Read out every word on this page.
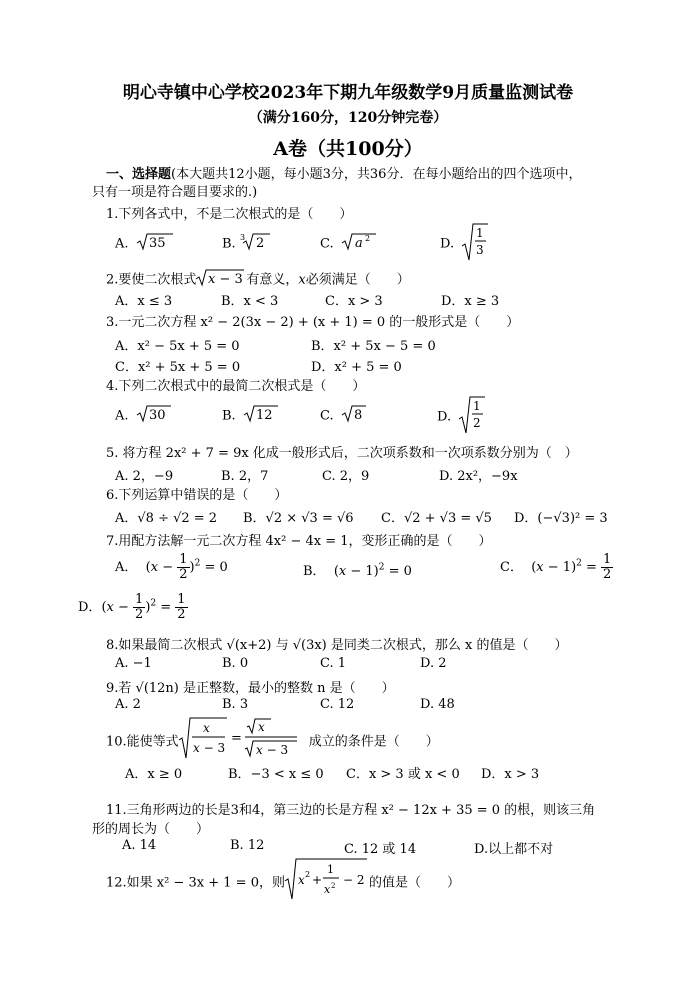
明心寺镇中心学校2023年下期九年级数学9月质量监测试卷
（满分160分，120分钟完卷）
A卷（共100分）
一、选择题(本大题共12小题，每小题3分，共36分．在每小题给出的四个选项中，
只有一项是符合题目要求的.)
1.下列各式中，不是二次根式的是（　　）
A. 35	B. 3 2	C. a 2	D.
1
3
2.要使二次根式 x − 3 有意义，x必须满足（　　）
A．x ≤ 3	B．x < 3	C．x > 3	D．x ≥ 3
3.一元二次方程 x² − 2(3x − 2) + (x + 1) = 0 的一般形式是（　　）
A．x² − 5x + 5 = 0	B．x² + 5x − 5 = 0
C．x² + 5x + 5 = 0	D．x² + 5 = 0
4.下列二次根式中的最简二次根式是（　　）
A. 30	B. 12	C. 8	D.
1
2
5. 将方程 2x² + 7 = 9x 化成一般形式后，二次项系数和一次项系数分别为（　）
A. 2，−9	B. 2，7	C. 2，9	D. 2x²，−9x
6.下列运算中错误的是（　　）
A．√8 ÷ √2 = 2 B．√2 × √3 = √6 C．√2 + √3 = √5 D．(−√3)² = 3
7.用配方法解一元二次方程 4x² − 4x = 1，变形正确的是（　　）
A．  $(x - \frac{1}{2} )^2 = 0$	B．  $(x - 1)^2 = 0$	C．  $(x - 1)^2 = \frac{1}{2}$
D．$(x - \frac{1}{2} )^2 = \frac{1}{2}$
8.如果最简二次根式 √(x+2) 与 √(3x) 是同类二次根式，那么 x 的值是（　　）
A. −1	B. 0	C. 1	D. 2
9.若 √(12n) 是正整数，最小的整数 n 是（　　）
A. 2	B. 3	C. 12	D. 48
10.能使等式
x
x − 3
=
x
x − 3
成立的条件是（　　）
A．x ≥ 0	B．−3 < x ≤ 0 C．x > 3 或 x < 0 D．x > 3
11.三角形两边的长是3和4，第三边的长是方程 x² − 12x + 35 = 0 的根，则该三角
形的周长为（　　）
A. 14	B. 12	C. 12 或 14	D.以上都不对
12.如果 x² − 3x + 1 = 0，则 x 2 +
1
x 2 − 2 的值是（　　）
